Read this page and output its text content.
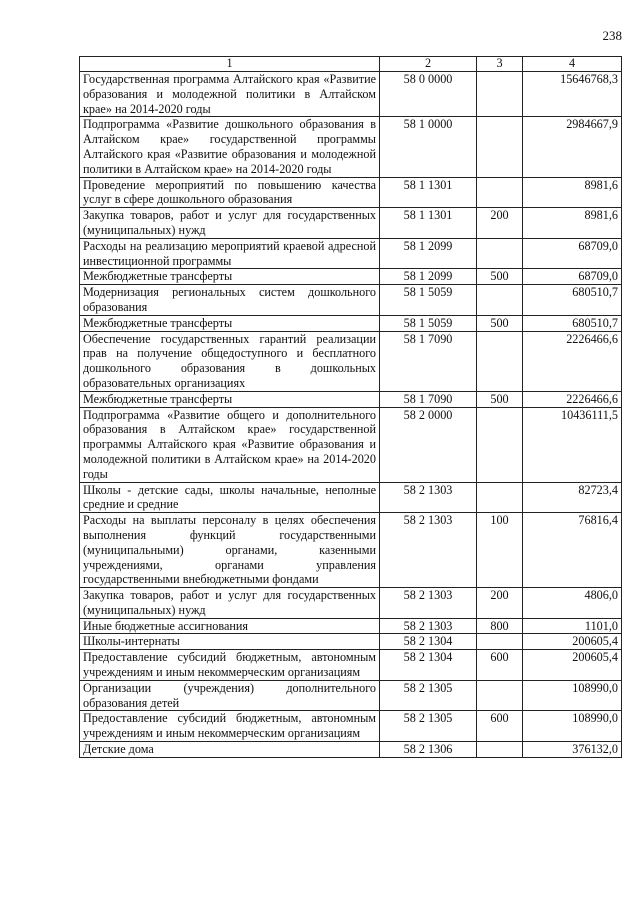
238
1	2	3	4
Государственная программа Алтайского края «Развитие образования и молодежной политики в Алтайском крае» на 2014-2020 годы	58 0 0000		15646768,3
Подпрограмма «Развитие дошкольного образования в Алтайском крае» государственной программы Алтайского края «Развитие образования и молодежной политики в Алтайском крае» на 2014-2020 годы	58 1 0000		2984667,9
Проведение мероприятий по повышению качества услуг в сфере дошкольного образования	58 1 1301		8981,6
Закупка товаров, работ и услуг для государственных (муниципальных) нужд	58 1 1301	200	8981,6
Расходы на реализацию мероприятий краевой адресной инвестиционной программы	58 1 2099		68709,0
Межбюджетные трансферты	58 1 2099	500	68709,0
Модернизация региональных систем дошкольного образования	58 1 5059		680510,7
Межбюджетные трансферты	58 1 5059	500	680510,7
Обеспечение государственных гарантий реализации прав на получение общедоступного и бесплатного дошкольного образования в дошкольных образовательных организациях	58 1 7090		2226466,6
Межбюджетные трансферты	58 1 7090	500	2226466,6
Подпрограмма «Развитие общего и дополнительного образования в Алтайском крае» государственной программы Алтайского края «Развитие образования и молодежной политики в Алтайском крае» на 2014-2020 годы	58 2 0000		10436111,5
Школы - детские сады, школы начальные, неполные средние и средние	58 2 1303		82723,4
Расходы на выплаты персоналу в целях обеспечения выполнения функций государственными (муниципальными) органами, казенными учреждениями, органами управления государственными внебюджетными фондами	58 2 1303	100	76816,4
Закупка товаров, работ и услуг для государственных (муниципальных) нужд	58 2 1303	200	4806,0
Иные бюджетные ассигнования	58 2 1303	800	1101,0
Школы-интернаты	58 2 1304		200605,4
Предоставление субсидий бюджетным, автономным учреждениям и иным некоммерческим организациям	58 2 1304	600	200605,4
Организации (учреждения) дополнительного образования детей	58 2 1305		108990,0
Предоставление субсидий бюджетным, автономным учреждениям и иным некоммерческим организациям	58 2 1305	600	108990,0
Детские дома	58 2 1306		376132,0
